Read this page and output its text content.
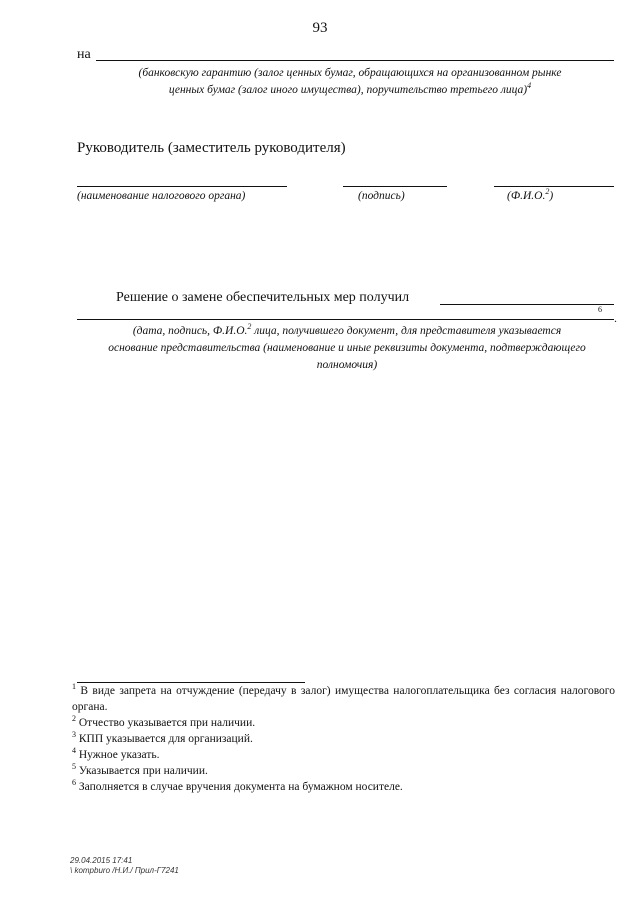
93
на
(банковскую гарантию (залог ценных бумаг, обращающихся на организованном рынке
ценных бумаг (залог иного имущества), поручительство третьего лица)$^4$
Руководитель (заместитель руководителя)
(наименование налогового органа)	(подпись)	(Ф.И.О.$^2$)
Решение о замене обеспечительных мер получил
6
.
(дата, подпись, Ф.И.О.$^2$ лица, получившего документ, для представителя указывается
основание представительства (наименование и иные реквизиты документа, подтверждающего
полномочия)

$^1$ В виде запрета на отчуждение (передачу в залог) имущества налогоплательщика без согласия налогового органа.

$^2$ Отчество указывается при наличии.

$^3$ КПП указывается для организаций.

$^4$ Нужное указать.

$^5$ Указывается при наличии.

$^6$ Заполняется в случае вручения документа на бумажном носителе.

29.04.2015 17:41
\ kompburo /Н.И./ Прил-Г7241
